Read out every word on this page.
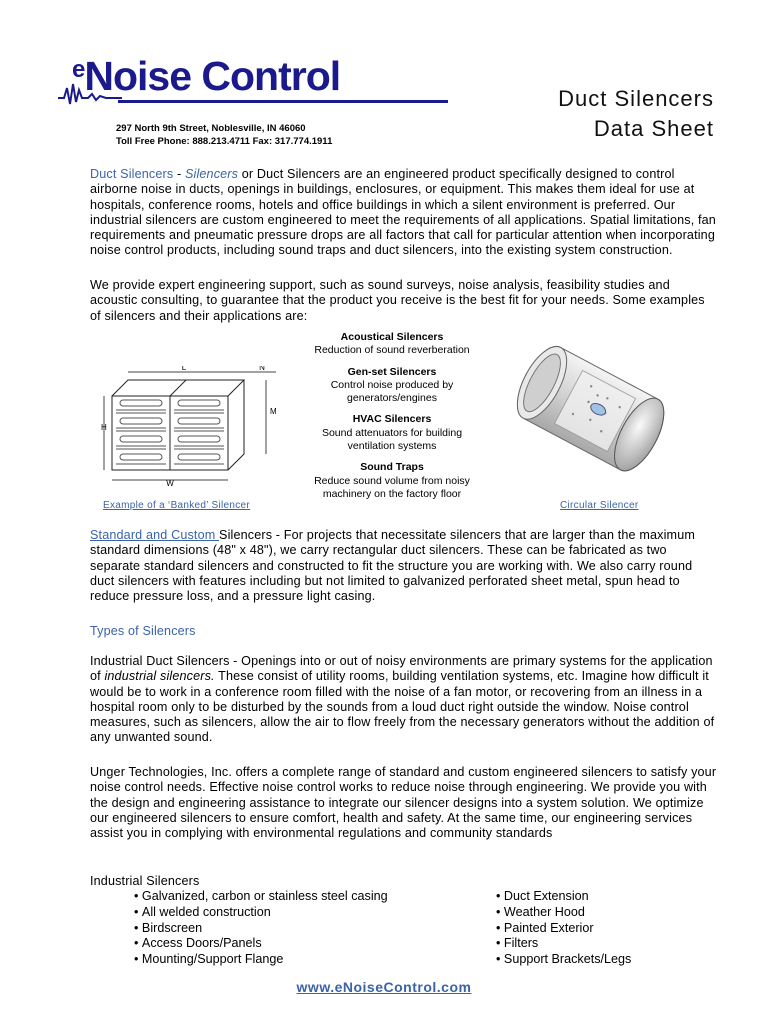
$^e$Noise Control
297 North 9th Street, Noblesville, IN 46060
Toll Free Phone: 888.213.4711 Fax: 317.774.1911
Duct Silencers
Data Sheet
Duct Silencers - Silencers or Duct Silencers are an engineered product specifically designed to control airborne noise in ducts, openings in buildings, enclosures, or equipment. This makes them ideal for use at hospitals, conference rooms, hotels and office buildings in which a silent environment is preferred. Our industrial silencers are custom engineered to meet the requirements of all applications. Spatial limitations, fan requirements and pneumatic pressure drops are all factors that call for particular attention when incorporating noise control products, including sound traps and duct silencers, into the existing system construction.
We provide expert engineering support, such as sound surveys, noise analysis, feasibility studies and acoustic consulting, to guarantee that the product you receive is the best fit for your needs. Some examples of silencers and their applications are:
Acoustical Silencers
Reduction of sound reverberation
Gen-set Silencers
Control noise produced by generators/engines
HVAC Silencers
Sound attenuators for building ventilation systems
Sound Traps
Reduce sound volume from noisy machinery on the factory floor
L	N
H
M
W
Example of a ‘Banked’ Silencer	Circular Silencer
Standard and Custom Silencers - For projects that necessitate silencers that are larger than the maximum standard dimensions (48" x 48"), we carry rectangular duct silencers. These can be fabricated as two separate standard silencers and constructed to fit the structure you are working with. We also carry round duct silencers with features including but not limited to galvanized perforated sheet metal, spun head to reduce pressure loss, and a pressure light casing.
Types of Silencers
Industrial Duct Silencers - Openings into or out of noisy environments are primary systems for the application of industrial silencers. These consist of utility rooms, building ventilation systems, etc. Imagine how difficult it would be to work in a conference room filled with the noise of a fan motor, or recovering from an illness in a hospital room only to be disturbed by the sounds from a loud duct right outside the window. Noise control measures, such as silencers, allow the air to flow freely from the necessary generators without the addition of any unwanted sound.
Unger Technologies, Inc. offers a complete range of standard and custom engineered silencers to satisfy your noise control needs. Effective noise control works to reduce noise through engineering. We provide you with the design and engineering assistance to integrate our silencer designs into a system solution. We optimize our engineered silencers to ensure comfort, health and safety. At the same time, our engineering services assist you in complying with environmental regulations and community standards
Industrial Silencers
• Galvanized, carbon or stainless steel casing
• All welded construction
• Birdscreen
• Access Doors/Panels
• Mounting/Support Flange
• Duct Extension
• Weather Hood
• Painted Exterior
• Filters
• Support Brackets/Legs
www.eNoiseControl.com
